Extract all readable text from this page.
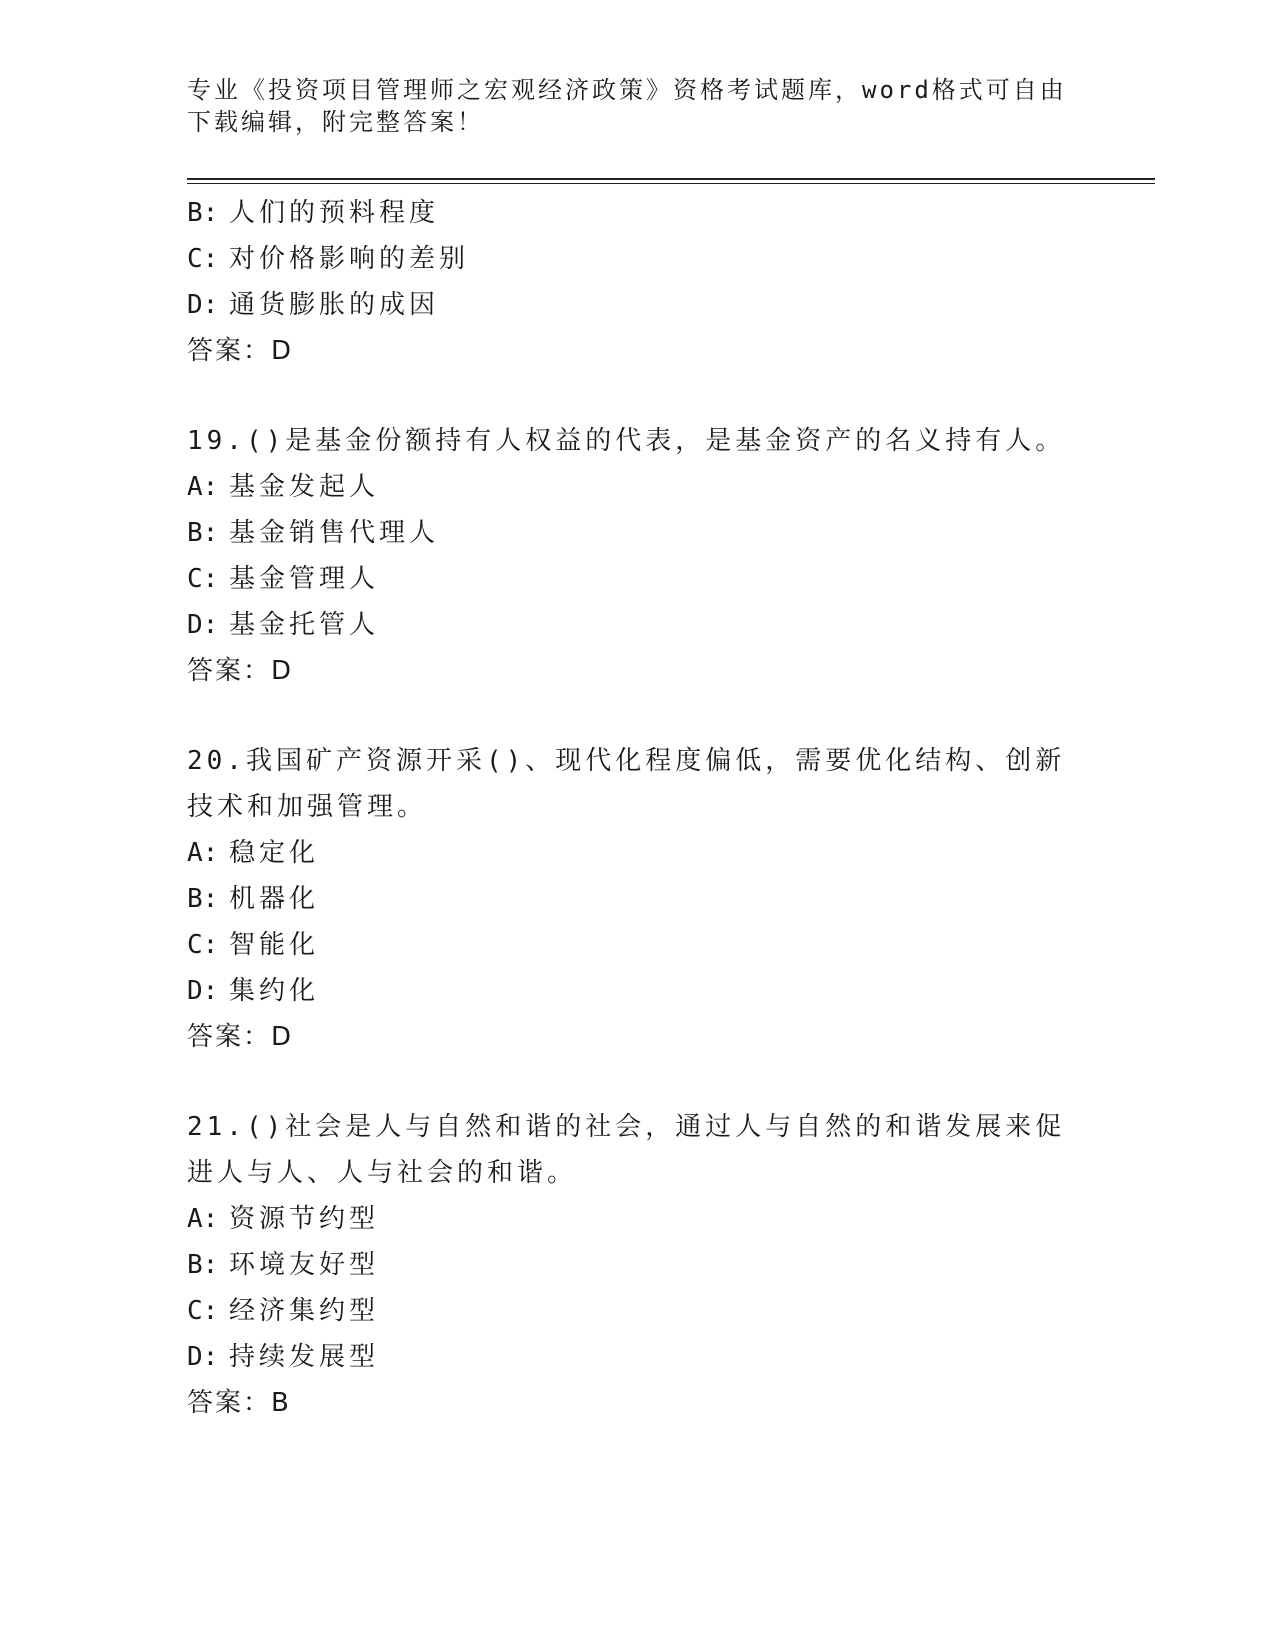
专业《投资项目管理师之宏观经济政策》资格考试题库，word格式可自由下载编辑，附完整答案！
B: 人们的预料程度
C: 对价格影响的差别
D: 通货膨胀的成因
答案：D
19.()是基金份额持有人权益的代表，是基金资产的名义持有人。
A: 基金发起人
B: 基金销售代理人
C: 基金管理人
D: 基金托管人
答案：D
20.我国矿产资源开采()、现代化程度偏低，需要优化结构、创新技术和加强管理。
A: 稳定化
B: 机器化
C: 智能化
D: 集约化
答案：D
21.()社会是人与自然和谐的社会，通过人与自然的和谐发展来促进人与人、人与社会的和谐。
A: 资源节约型
B: 环境友好型
C: 经济集约型
D: 持续发展型
答案：B
